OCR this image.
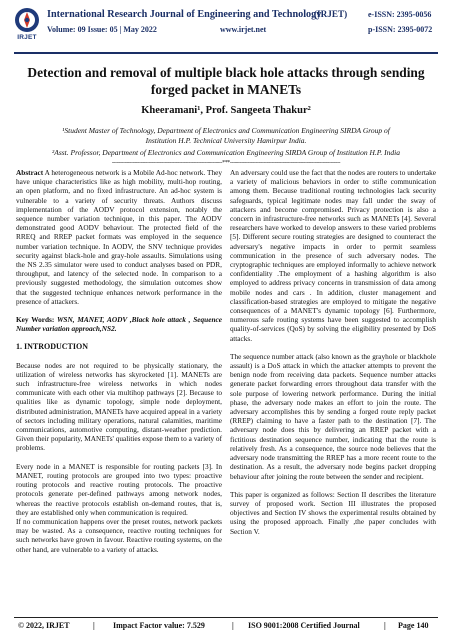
IRJET
International Research Journal of Engineering and Technology
(IRJET)	e-ISSN: 2395-0056
Volume: 09 Issue: 05 | May 2022	www.irjet.net	p-ISSN: 2395-0072
Detection and removal of multiple black hole attacks through sending
forged packet in MANETs
Kheeramani¹, Prof. Sangeeta Thakur²
¹Student Master of Technology, Department of Electronics and Communication Engineering SIRDA Group of
Institution H.P. Technical University Hamirpur India.
²Asst. Professor, Department of Electronics and Communication Engineering SIRDA Group of Institution H.P. India
---------------------------------------------------------------------***---------------------------------------------------------------------

Abstract A heterogeneous network is a Mobile Ad-hoc network. They have unique characteristics like as high mobility, multi-hop routing, an open platform, and no fixed infrastructure. An ad-hoc system is vulnerable to a variety of security threats. Authors discuss implementation of the AODV protocol extension, notably the sequence number variation technique, in this paper. The AODV demonstrated good AODV behaviour. The protected field of the RREQ and RREP packet formats was employed in the sequence number variation technique. In AODV, the SNV technique provides security against black-hole and gray-hole assaults. Simulations using the NS 2.35 simulator were used to conduct analyses based on PDR, throughput, and latency of the selected node. In comparison to a previously suggested methodology, the simulation outcomes show that the suggested technique enhances network performance in the presence of attackers.

Key Words: WSN, MANET, AODV ,Black hole attack , Sequence Number variation approach,NS2.

1. INTRODUCTION

Because nodes are not required to be physically stationary, the utilization of wireless networks has skyrocketed [1]. MANETs are such infrastructure-free wireless networks in which nodes communicate with each other via multihop pathways [2]. Because to qualities like as dynamic topology, simple node deployment, distributed administration, MANETs have acquired appeal in a variety of sectors including military operations, natural calamities, maritime communications, automotive computing, distant-weather prediction. Given their popularity, MANETs' qualities expose them to a variety of problems.

Every node in a MANET is responsible for routing packets [3]. In MANET, routing protocols are grouped into two types: proactive routing protocols and reactive routing protocols. The proactive protocols generate per-defined pathways among network nodes, whereas the reactive protocols establish on-demand routes, that is, they are established only when communication is required.

If no communication happens over the preset routes, network packets may be wasted. As a consequence, reactive routing techniques for such networks have grown in favour. Reactive routing systems, on the other hand, are vulnerable to a variety of attacks.

An adversary could use the fact that the nodes are routers to undertake a variety of malicious behaviors in order to stifle communication among them. Because traditional routing technologies lack security safeguards, typical legitimate nodes may fall under the sway of attackers and become compromised. Privacy protection is also a concern in infrastructure-free networks such as MANETs [4]. Several researchers have worked to develop answers to these varied problems [5]. Different secure routing strategies are designed to counteract the adversary's negative impacts in order to permit seamless communication in the presence of such adversary nodes. The cryptographic techniques are employed informally to achieve network confidentiality .The employment of a hashing algorithm is also employed to address privacy concerns in transmission of data among mobile nodes and cars . In addition, cluster management and classification-based strategies are employed to mitigate the negative consequences of a MANET's dynamic topology [6]. Furthermore, numerous safe routing systems have been suggested to accomplish quality-of-services (QoS) by solving the eligibility presented by DoS attacks.

The sequence number attack (also known as the grayhole or blackhole assault) is a DoS attack in which the attacker attempts to prevent the benign node from receiving data packets. Sequence number attacks generate packet forwarding errors throughout data transfer with the sole purpose of lowering network performance. During the initial phase, the adversary node makes an effort to join the route. The adversary accomplishes this by sending a forged route reply packet (RREP) claiming to have a faster path to the destination [7]. The adversary node does this by delivering an RREP packet with a fictitious destination sequence number, indicating that the route is relatively fresh. As a consequence, the source node believes that the adversary node transmitting the RREP has a more recent route to the destination. As a result, the adversary node begins packet dropping behaviour after joining the route between the sender and recipient.

This paper is organized as follows: Section II describes the literature survey of proposed work. Section III illustrates the proposed objectives and Section IV shows the experimental results obtained by using the proposed approach. Finally ,the paper concludes with Section V.

© 2022, IRJET	| Impact Factor value: 7.529	| ISO 9001:2008 Certified Journal	| Page 140
